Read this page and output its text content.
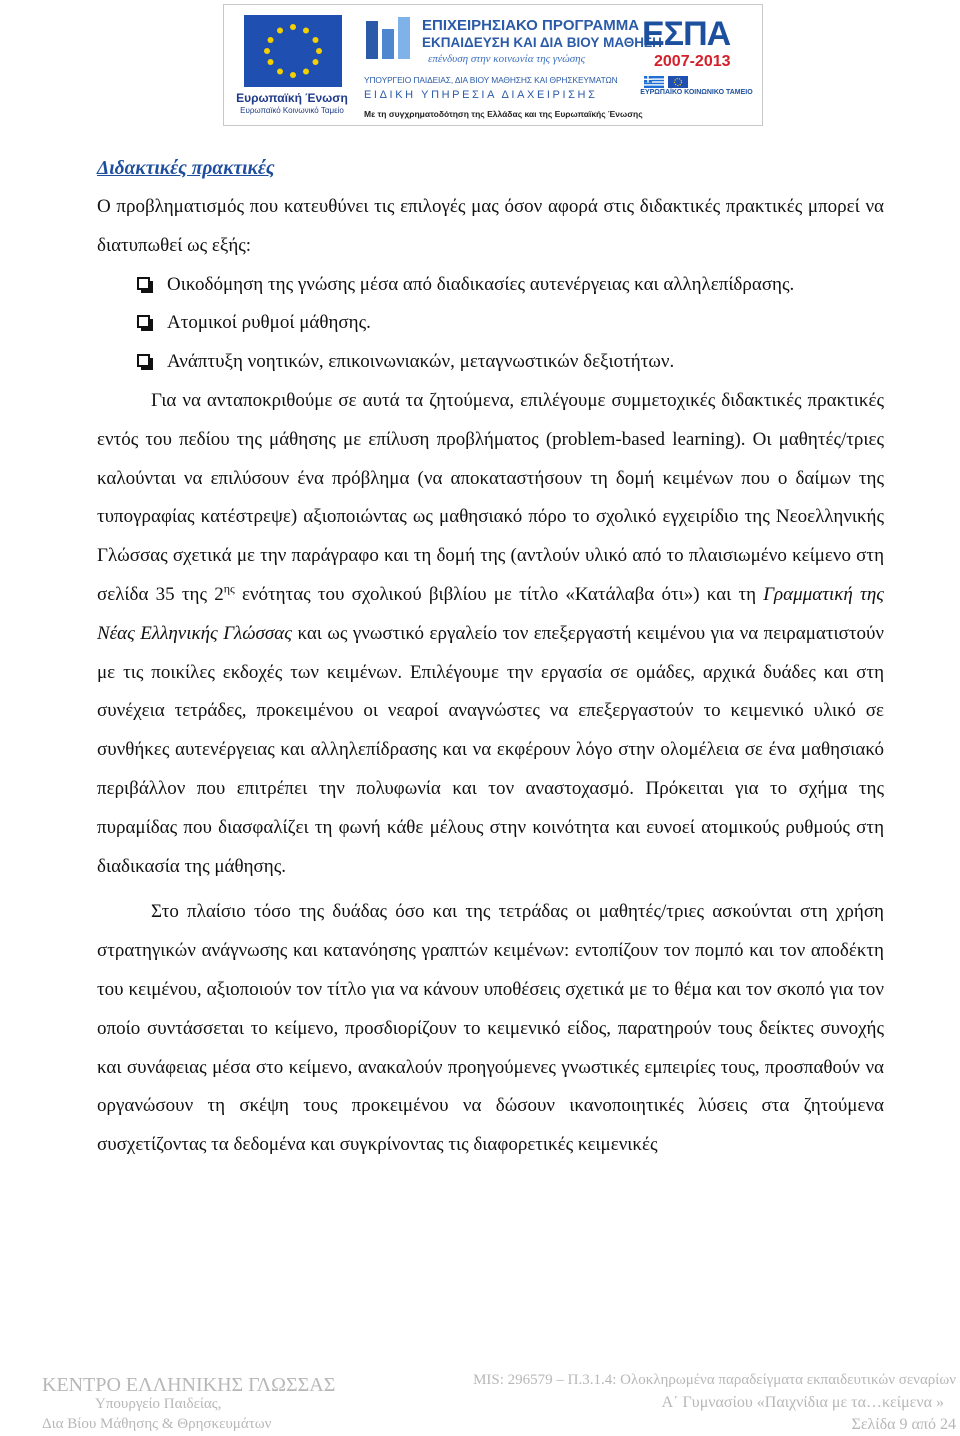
Ευρωπαϊκή Ένωση
Ευρωπαϊκό Κοινωνικό Ταμείο
ΕΠΙΧΕΙΡΗΣΙΑΚΟ ΠΡΟΓΡΑΜΜΑ
ΕΚΠΑΙΔΕΥΣΗ ΚΑΙ ΔΙΑ ΒΙΟΥ ΜΑΘΗΣΗ
επένδυση στην κοινωνία της γνώσης
ΥΠΟΥΡΓΕΙΟ ΠΑΙΔΕΙΑΣ, ΔΙΑ ΒΙΟΥ ΜΑΘΗΣΗΣ ΚΑΙ ΘΡΗΣΚΕΥΜΑΤΩΝ
ΕΙΔΙΚΗ ΥΠΗΡΕΣΙΑ ΔΙΑΧΕΙΡΙΣΗΣ
Με τη συγχρηματοδότηση της Ελλάδας και της Ευρωπαϊκής Ένωσης
ΕΣΠΑ
2007-2013
ΕΥΡΩΠΑΪΚΟ ΚΟΙΝΩΝΙΚΟ ΤΑΜΕΙΟ
Διδακτικές πρακτικές

Ο προβληματισμός που κατευθύνει τις επιλογές μας όσον αφορά στις διδακτικές πρακτικές μπορεί να διατυπωθεί ως εξής:

Οικοδόμηση της γνώσης μέσα από διαδικασίες αυτενέργειας και αλληλεπίδρασης.
Ατομικοί ρυθμοί μάθησης.
Ανάπτυξη νοητικών, επικοινωνιακών, μεταγνωστικών δεξιοτήτων.

Για να ανταποκριθούμε σε αυτά τα ζητούμενα, επιλέγουμε συμμετοχικές διδακτικές πρακτικές εντός του πεδίου της μάθησης με επίλυση προβλήματος (problem-based learning). Οι μαθητές/τριες καλούνται να επιλύσουν ένα πρόβλημα (να αποκαταστήσουν τη δομή κειμένων που ο δαίμων της τυπογραφίας κατέστρεψε) αξιοποιώντας ως μαθησιακό πόρο το σχολικό εγχειρίδιο της Νεοελληνικής Γλώσσας σχετικά με την παράγραφο και τη δομή της (αντλούν υλικό από το πλαισιωμένο κείμενο στη σελίδα 35 της $2^{\eta\varsigma}$ ενότητας του σχολικού βιβλίου με τίτλο «Κατάλαβα ότι») και τη Γραμματική της Νέας Ελληνικής Γλώσσας και ως γνωστικό εργαλείο τον επεξεργαστή κειμένου για να πειραματιστούν με τις ποικίλες εκδοχές των κειμένων. Επιλέγουμε την εργασία σε ομάδες, αρχικά δυάδες και στη συνέχεια τετράδες, προκειμένου οι νεαροί αναγνώστες να επεξεργαστούν το κειμενικό υλικό σε συνθήκες αυτενέργειας και αλληλεπίδρασης και να εκφέρουν λόγο στην ολομέλεια σε ένα μαθησιακό περιβάλλον που επιτρέπει την πολυφωνία και τον αναστοχασμό. Πρόκειται για το σχήμα της πυραμίδας που διασφαλίζει τη φωνή κάθε μέλους στην κοινότητα και ευνοεί ατομικούς ρυθμούς στη διαδικασία της μάθησης.

Στο πλαίσιο τόσο της δυάδας όσο και της τετράδας οι μαθητές/τριες ασκούνται στη χρήση στρατηγικών ανάγνωσης και κατανόησης γραπτών κειμένων: εντοπίζουν τον πομπό και τον αποδέκτη του κειμένου, αξιοποιούν τον τίτλο για να κάνουν υποθέσεις σχετικά με το θέμα και τον σκοπό για τον οποίο συντάσσεται το κείμενο, προσδιορίζουν το κειμενικό είδος, παρατηρούν τους δείκτες συνοχής και συνάφειας μέσα στο κείμενο, ανακαλούν προηγούμενες γνωστικές εμπειρίες τους, προσπαθούν να οργανώσουν τη σκέψη τους προκειμένου να δώσουν ικανοποιητικές λύσεις στα ζητούμενα συσχετίζοντας τα δεδομένα και συγκρίνοντας τις διαφορετικές κειμενικές

ΚΕΝΤΡΟ ΕΛΛΗΝΙΚΗΣ ΓΛΩΣΣΑΣ
Υπουργείο Παιδείας,
Δια Βίου Μάθησης & Θρησκευμάτων
MIS: 296579 – Π.3.1.4: Ολοκληρωμένα παραδείγματα εκπαιδευτικών σεναρίων
Α΄ Γυμνασίου «Παιχνίδια με τα…κείμενα »
Σελίδα 9 από 24
